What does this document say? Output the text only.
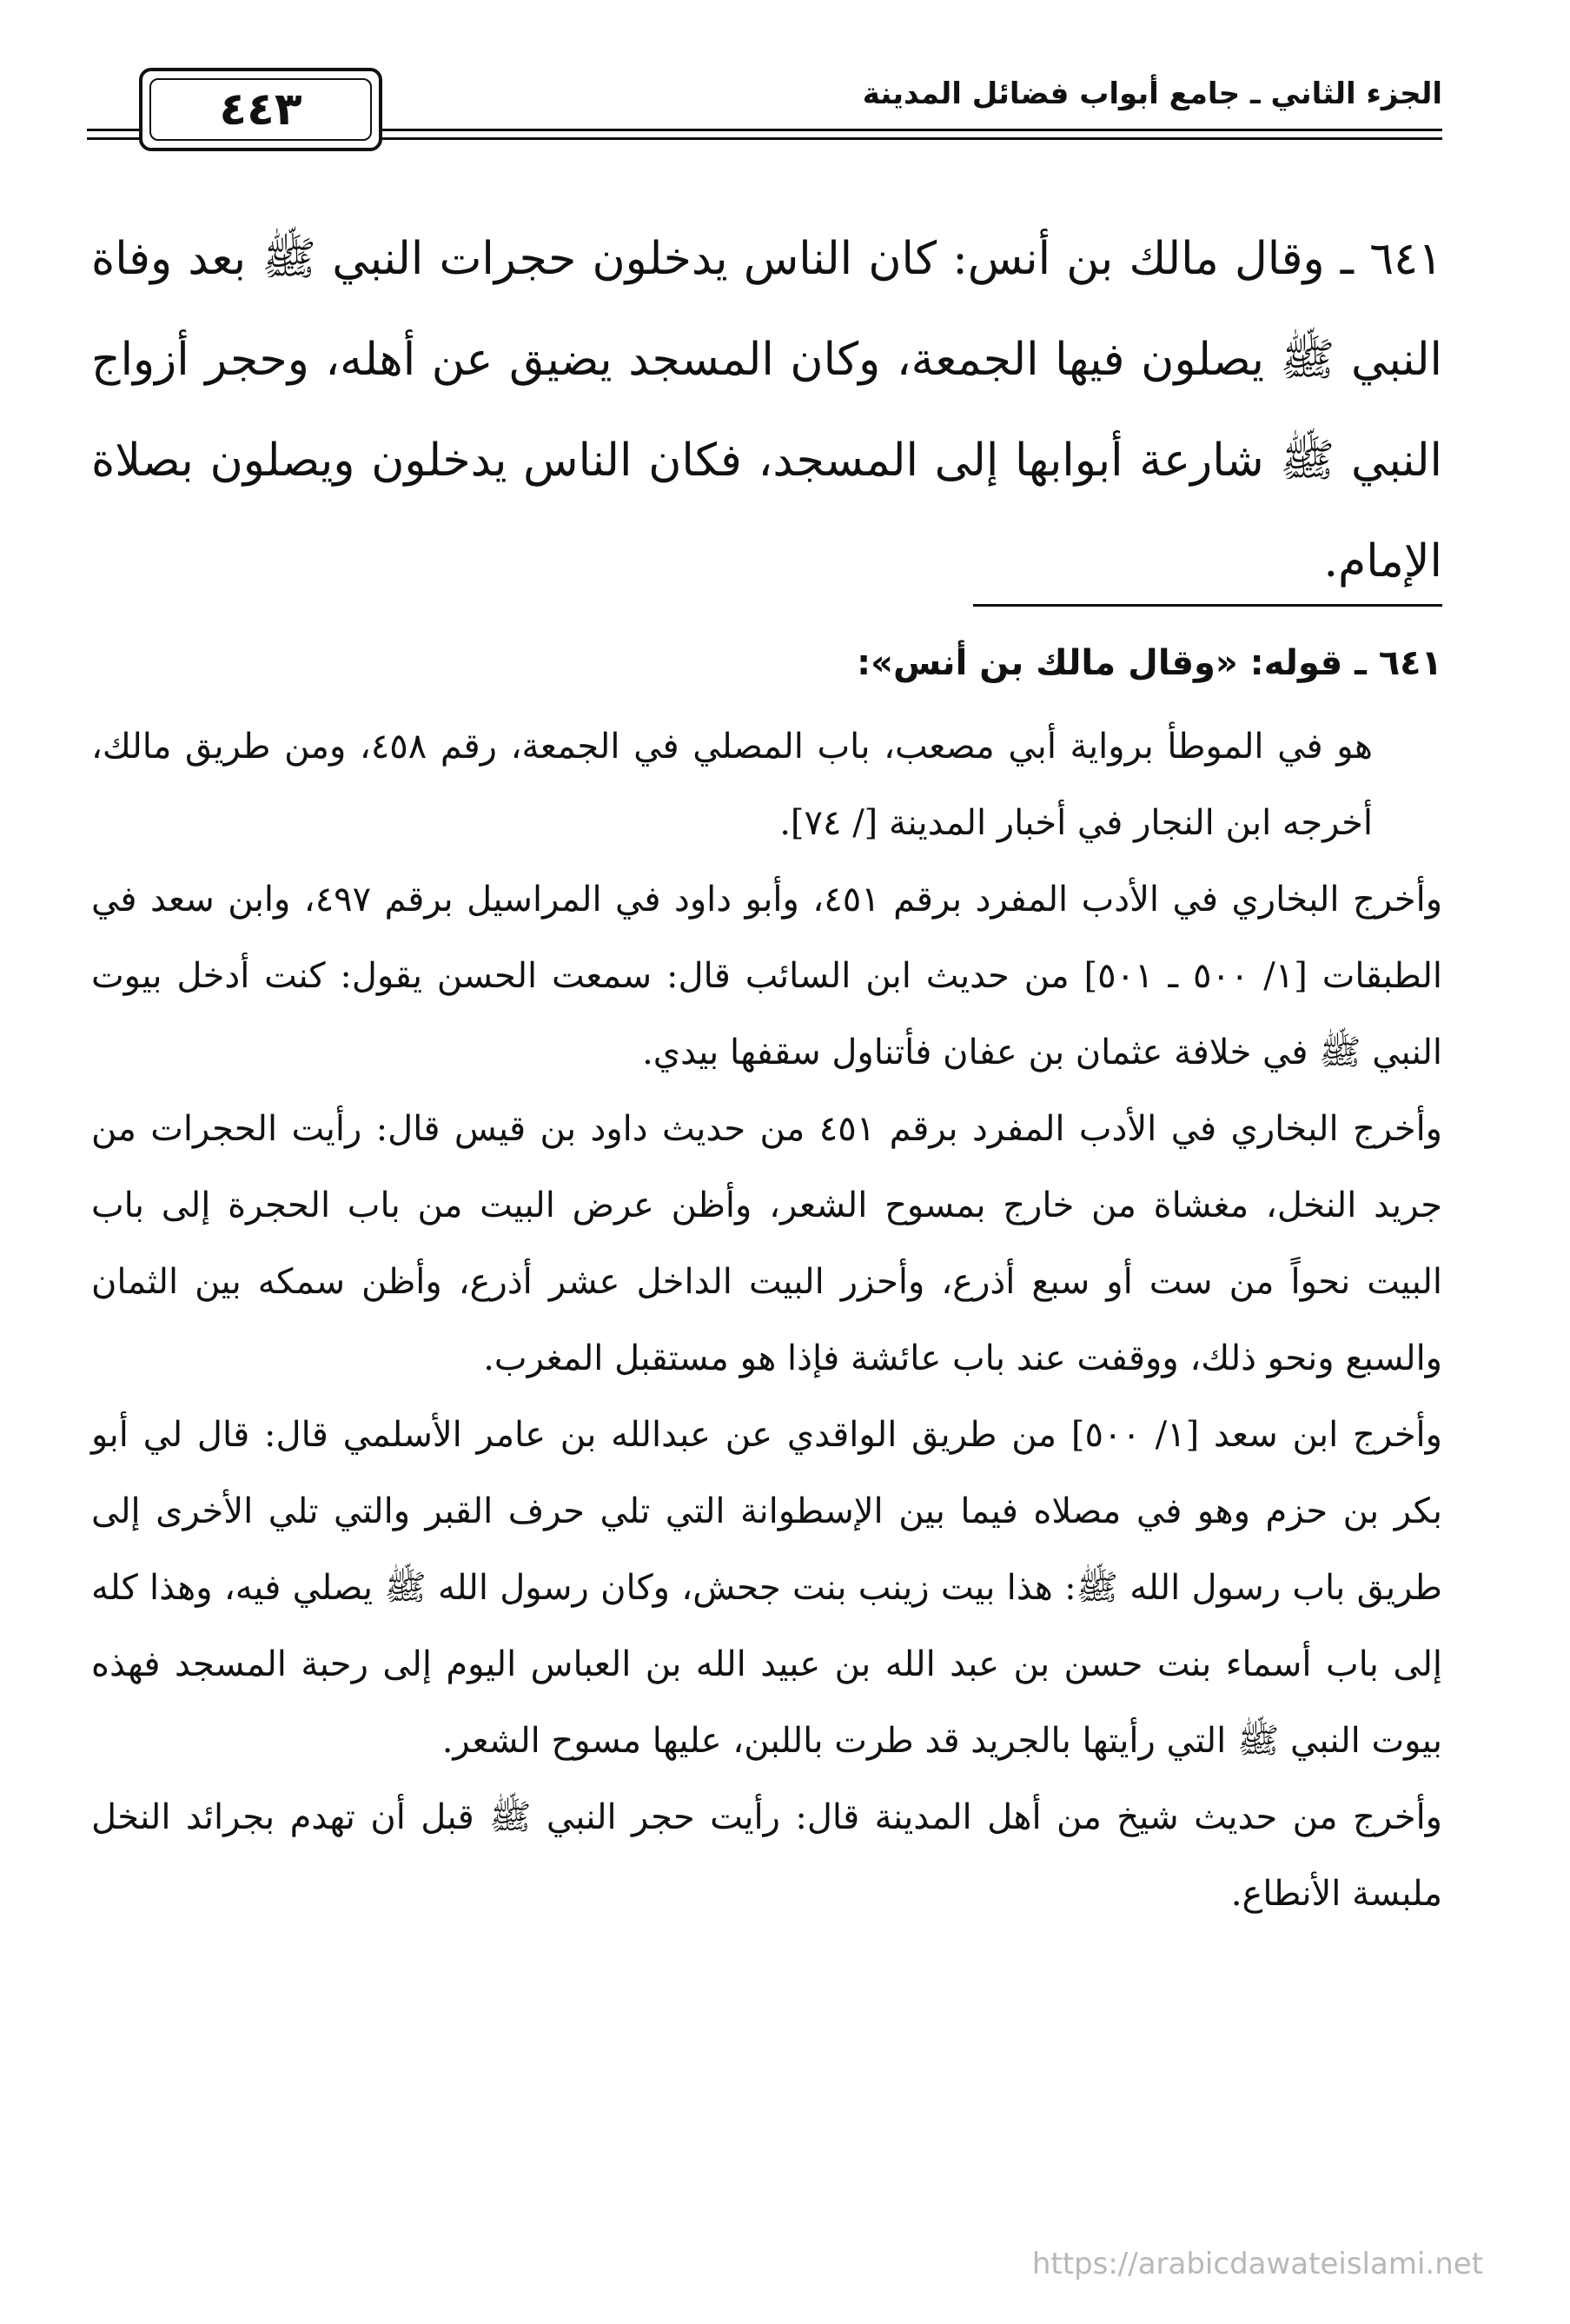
الجزء الثاني ـ جامع أبواب فضائل المدينة
٤٤٣

٦٤١ ـ وقال مالك بن أنس: كان الناس يدخلون حجرات النبي ﷺ بعد وفاة النبي ﷺ يصلون فيها الجمعة، وكان المسجد يضيق عن أهله، وحجر أزواج النبي ﷺ شارعة أبوابها إلى المسجد، فكان الناس يدخلون ويصلون بصلاة الإمام.

٦٤١ ـ قوله: «وقال مالك بن أنس»:

هو في الموطأ برواية أبي مصعب، باب المصلي في الجمعة، رقم ٤٥٨، ومن طريق مالك، أخرجه ابن النجار في أخبار المدينة [/ ٧٤].

وأخرج البخاري في الأدب المفرد برقم ٤٥١، وأبو داود في المراسيل برقم ٤٩٧، وابن سعد في الطبقات [١/ ٥٠٠ ـ ٥٠١] من حديث ابن السائب قال: سمعت الحسن يقول: كنت أدخل بيوت النبي ﷺ في خلافة عثمان بن عفان فأتناول سقفها بيدي.

وأخرج البخاري في الأدب المفرد برقم ٤٥١ من حديث داود بن قيس قال: رأيت الحجرات من جريد النخل، مغشاة من خارج بمسوح الشعر، وأظن عرض البيت من باب الحجرة إلى باب البيت نحواً من ست أو سبع أذرع، وأحزر البيت الداخل عشر أذرع، وأظن سمكه بين الثمان والسبع ونحو ذلك، ووقفت عند باب عائشة فإذا هو مستقبل المغرب.

وأخرج ابن سعد [١/ ٥٠٠] من طريق الواقدي عن عبدالله بن عامر الأسلمي قال: قال لي أبو بكر بن حزم وهو في مصلاه فيما بين الإسطوانة التي تلي حرف القبر والتي تلي الأخرى إلى طريق باب رسول الله ﷺ: هذا بيت زينب بنت جحش، وكان رسول الله ﷺ يصلي فيه، وهذا كله إلى باب أسماء بنت حسن بن عبد الله بن عبيد الله بن العباس اليوم إلى رحبة المسجد فهذه بيوت النبي ﷺ التي رأيتها بالجريد قد طرت باللبن، عليها مسوح الشعر.

وأخرج من حديث شيخ من أهل المدينة قال: رأيت حجر النبي ﷺ قبل أن تهدم بجرائد النخل ملبسة الأنطاع.

https://arabicdawateislami.net
